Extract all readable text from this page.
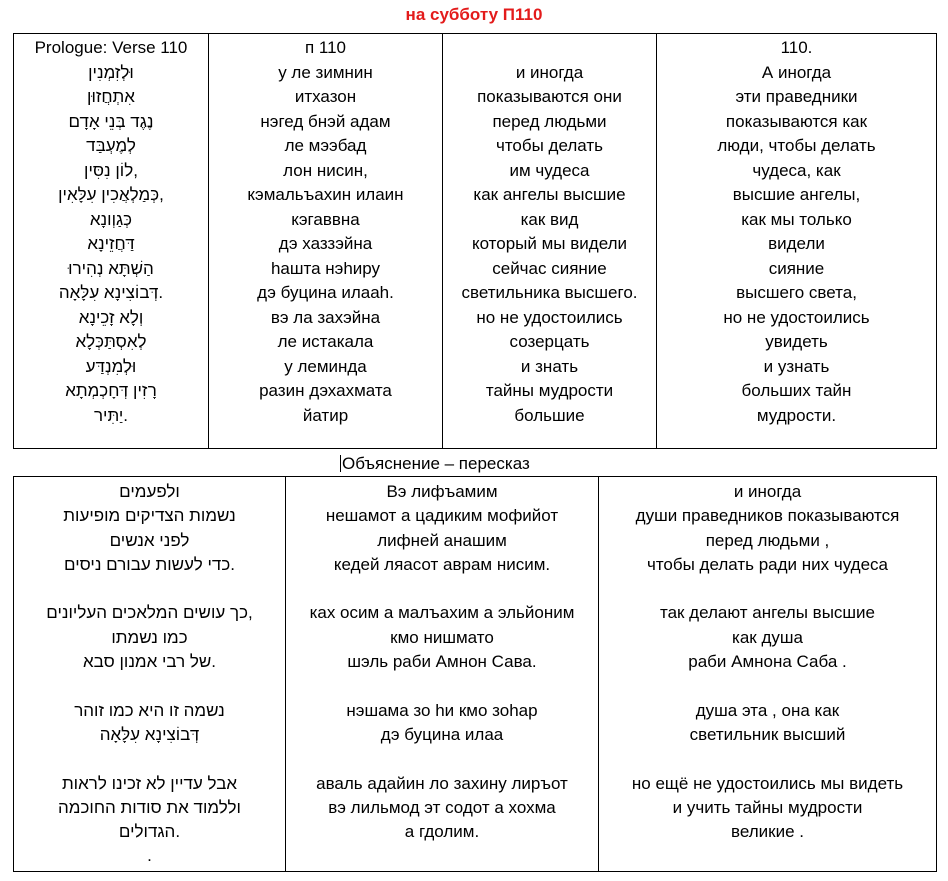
на субботу П110
Prologue: Verse 110
וּלְזִמְנִין
אִתְחֲזוּן
נֶגֶד בְּנֵי אָדָם
לְמֶעְבַּד
,לוֹן נִסִּין
,כְּמַלְאֲכִין עִלָּאִין
כְּגַוְונָא
דַּחֲזֵינָא
הַשְׁתָּא נְהִירוּ
.דְּבוֹצִינָא עִלָּאָה
וְלָא זָכֵינָא
לְאִסְתַּכְּלָא
וּלְמִנְדַּע
רָזִין דְּחָכְמְתָא
.יַתִּיר

п 110
у ле зимнин
итхазон
нэгед бнэй адам
ле мээбад
лон нисин,
кэмальъахин илаин
кэгаввна
дэ хаззэйна
hашта нэhиру
дэ буцина илааh.
вэ ла захэйна
ле истакала
у леминда
разин дэхахмата
йатир

и иногда
показываются они
перед людьми
чтобы делать
им чудеса
как ангелы высшие
как вид
который мы видели
сейчас сияние
светильника высшего.
но не удостоились
созерцать
и знать
тайны мудрости
большие

110.
А иногда
эти праведники
показываются как
люди, чтобы делать
чудеса, как
высшие ангелы,
как мы только
видели
сияние
высшего света,
но не удостоились
увидеть
и узнать
больших тайн
мудрости.
Объяснение – пересказ
ולפעמים
נשמות הצדיקים מופיעות
לפני אנשים
.כדי לעשות עבורם ניסים
,כך עושים המלאכים העליונים
כמו נשמתו
.של רבי אמנון סבא
נשמה זו היא כמו זוהר
דְּבוֹצִינָא עִלָּאָה
אבל עדיין לא זכינו לראות
וללמוד את סודות החוכמה
.הגדולים
.

Вэ лифъамим
нешамот а цадиким мофийот
лифней анашим
кедей ляасот аврам нисим.
ках осим а малъахим а эльйоним
кмо нишмато
шэль раби Амнон Сава.
нэшама зо hи кмо зоhар
дэ буцина илаа
аваль адайин ло захину лиръот
вэ лильмод эт содот а хохма
а гдолим.

и иногда
души праведников показываются
перед людьми ,
чтобы делать ради них чудеса
так делают ангелы высшие
как душа
раби Амнона Саба .
душа эта , она как
светильник высший
но ещё не удостоились мы видеть
и учить тайны мудрости
великие .
